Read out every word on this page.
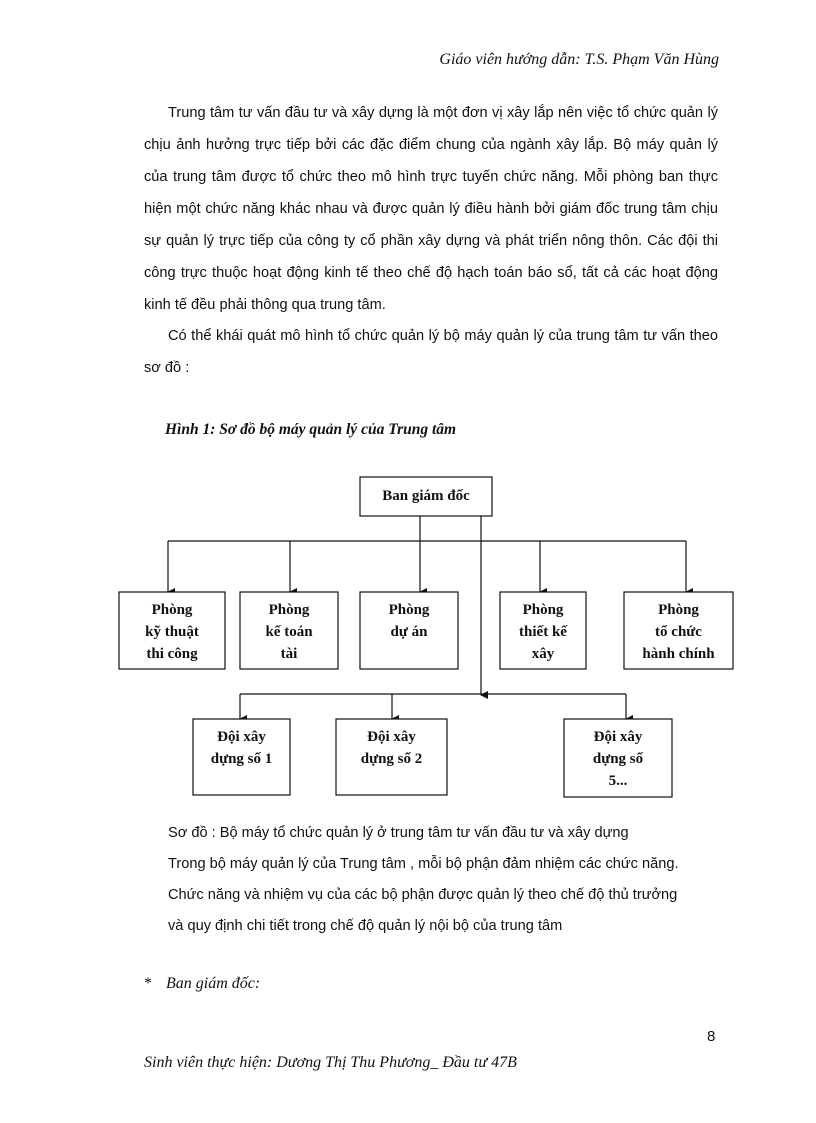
Giáo viên hướng dẫn: T.S. Phạm Văn Hùng

Trung tâm tư vấn đầu tư và xây dựng là một đơn vị xây lắp nên việc tổ chức quản lý chịu ảnh hưởng trực tiếp bởi các đặc điểm chung của ngành xây lắp. Bộ máy quản lý của trung tâm được tổ chức theo mô hình trực tuyến chức năng. Mỗi phòng ban thực hiện một chức năng khác nhau và được quản lý điều hành bởi giám đốc trung tâm chịu sự quản lý trực tiếp của công ty cổ phần xây dựng và phát triển nông thôn. Các đội thi công trực thuộc hoạt động kinh tế theo chế độ hạch toán báo sổ, tất cả các hoạt động kinh tế đều phải thông qua trung tâm.

Có thể khái quát mô hình tổ chức quản lý bộ máy quản lý của trung tâm tư vấn theo sơ đồ :

Hình 1: Sơ đồ bộ máy quản lý của Trung tâm
Ban giám đốc
Phòng
kỹ thuật
thi công
Phòng
kế toán
tài
Phòng
dự án
Phòng
thiết kế
xây
Phòng
tổ chức
hành chính
Đội xây
dựng số 1
Đội xây
dựng số 2
Đội xây
dựng số
5...
Sơ đồ : Bộ máy tổ chức quản lý ở trung tâm tư vấn đầu tư và xây dựng
Trong bộ máy quản lý của Trung tâm , mỗi bộ phận đảm nhiệm các chức năng.
Chức năng và nhiệm vụ của các bộ phận được quản lý theo chế độ thủ trưởng
và quy định chi tiết trong chế độ quản lý nội bộ của trung tâm
* Ban giám đốc:
8
Sinh viên thực hiện: Dương Thị Thu Phương_ Đầu tư 47B
